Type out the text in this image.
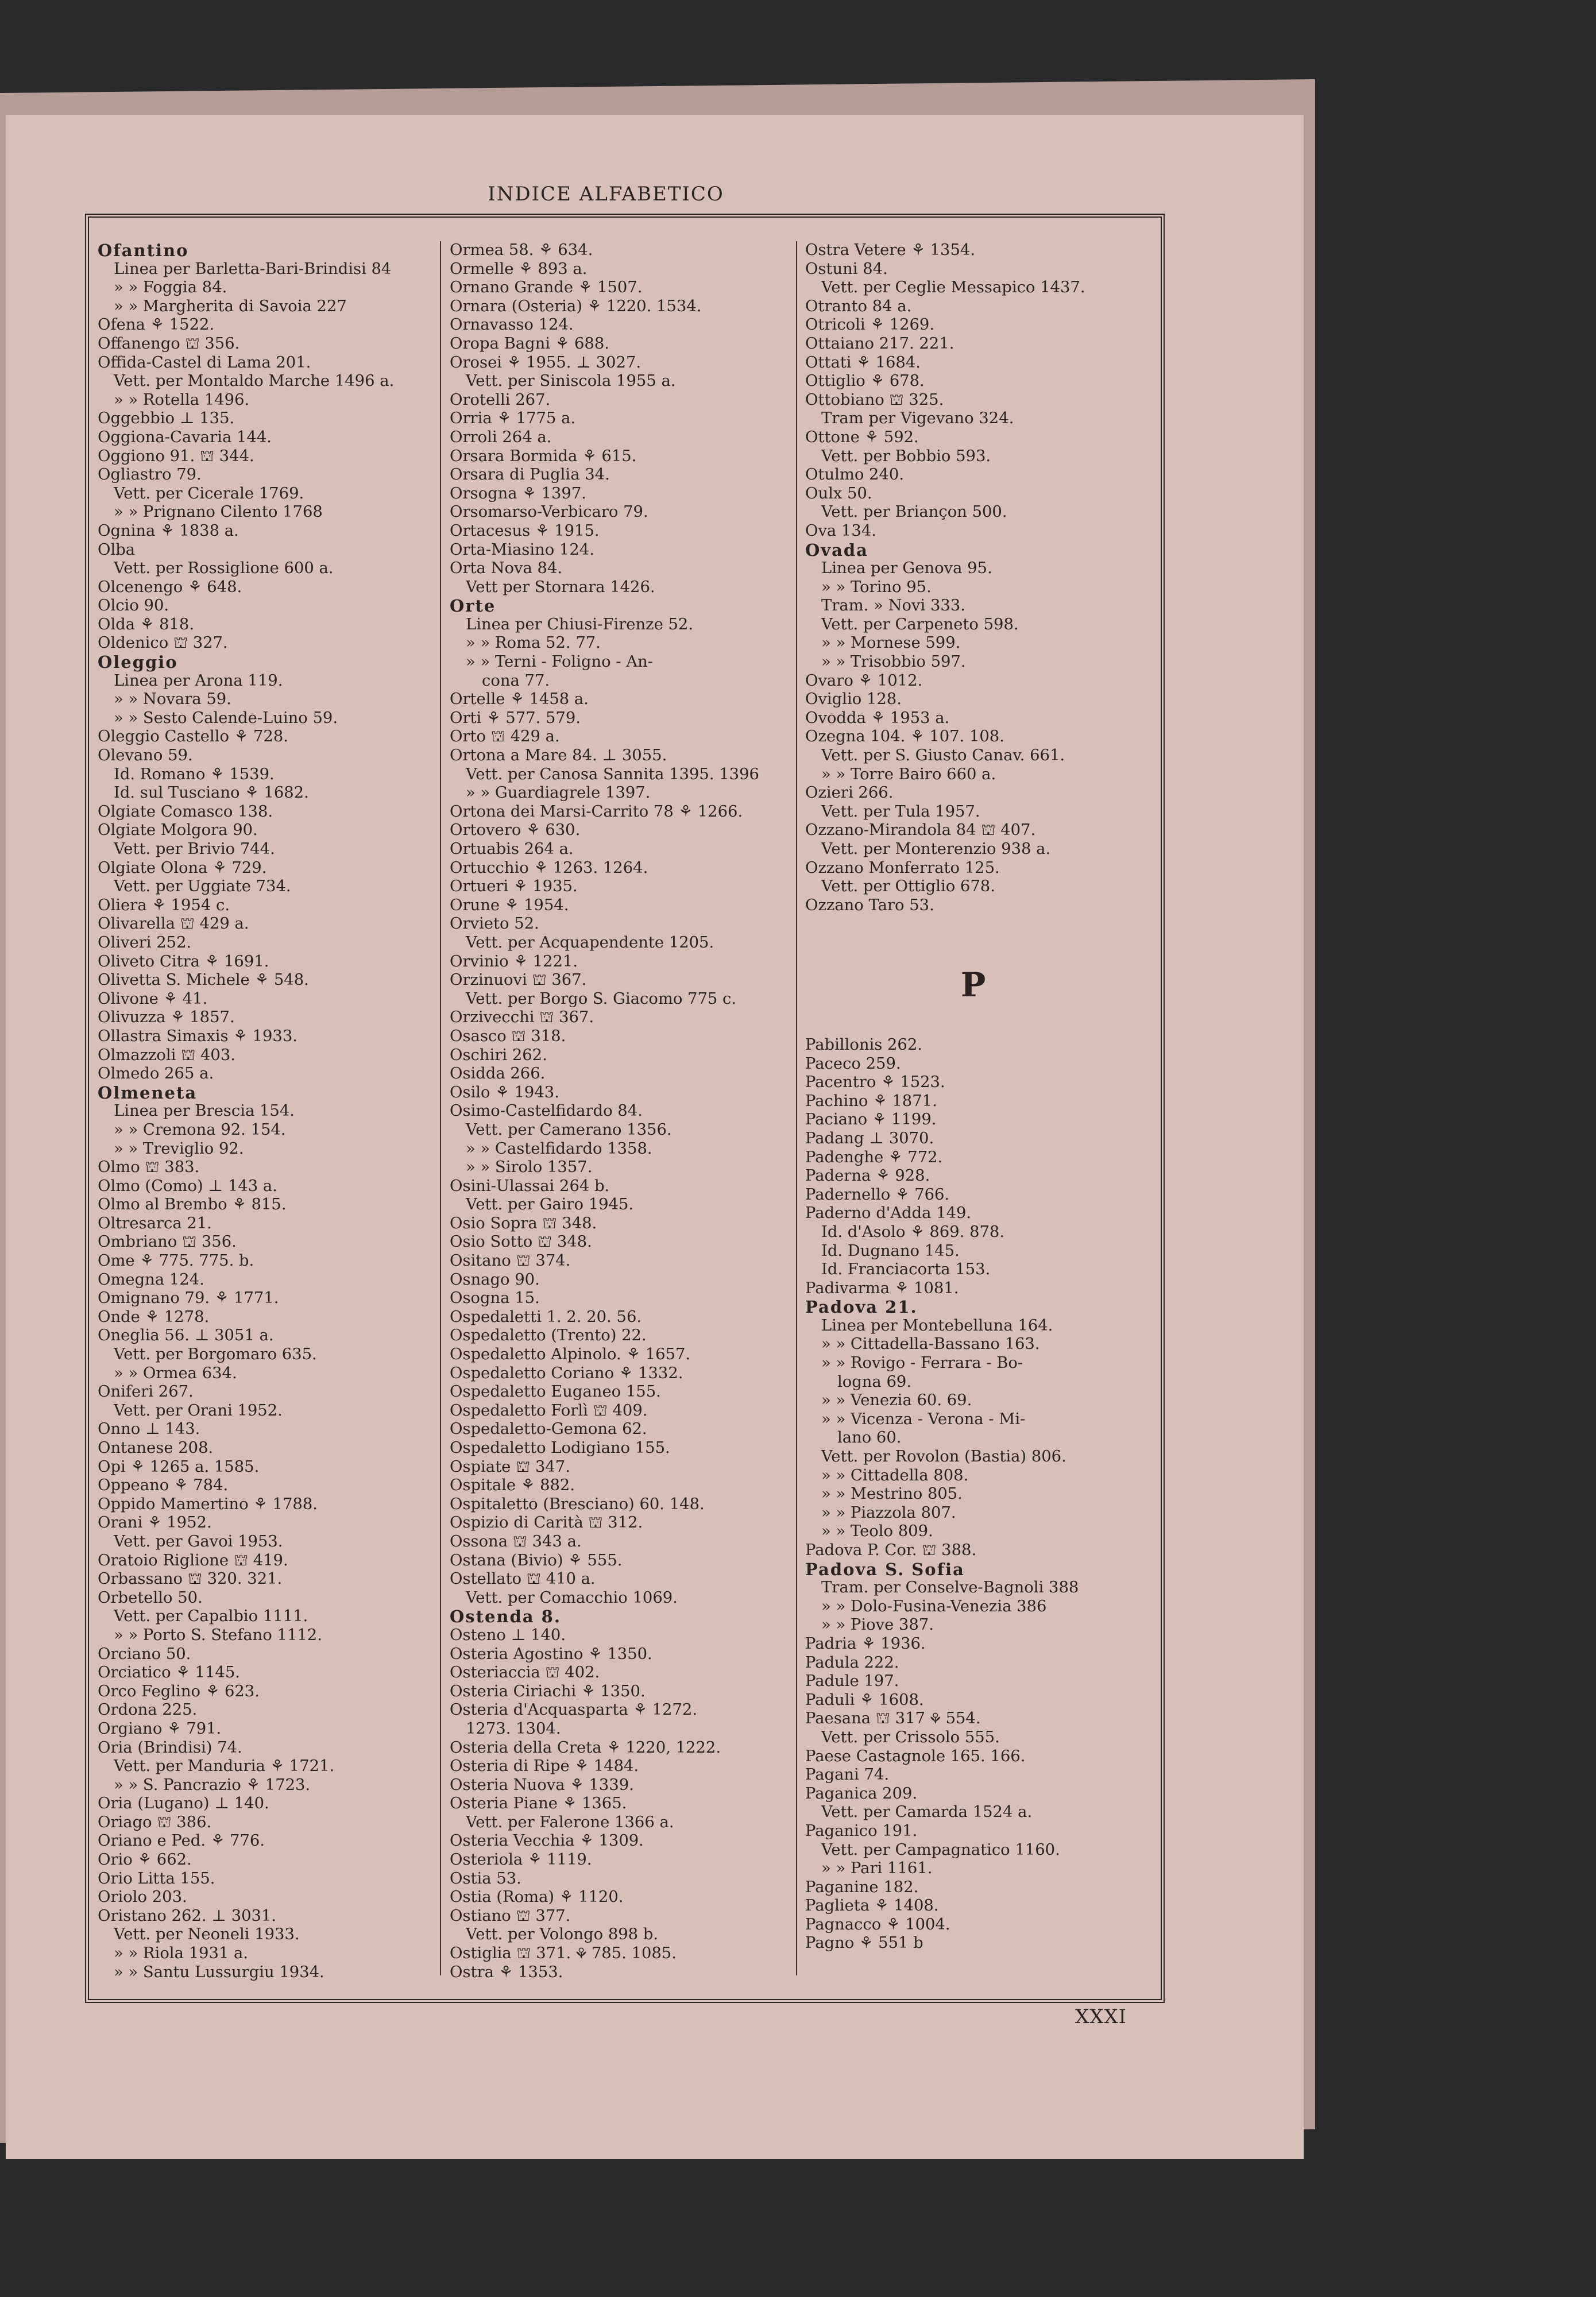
INDICE ALFABETICO
Ofantino
Linea per Barletta-Bari-Brindisi 84
» » Foggia 84.
» » Margherita di Savoia 227
Ofena ⚘ 1522.
Offanengo ⛫ 356.
Offida-Castel di Lama 201.
Vett. per Montaldo Marche 1496 a.
» » Rotella 1496.
Oggebbio ⊥ 135.
Oggiona-Cavaria 144.
Oggiono 91. ⛫ 344.
Ogliastro 79.
Vett. per Cicerale 1769.
» » Prignano Cilento 1768
Ognina ⚘ 1838 a.
Olba
Vett. per Rossiglione 600 a.
Olcenengo ⚘ 648.
Olcio 90.
Olda ⚘ 818.
Oldenico ⛫ 327.
Oleggio
Linea per Arona 119.
» » Novara 59.
» » Sesto Calende-Luino 59.
Oleggio Castello ⚘ 728.
Olevano 59.
Id. Romano ⚘ 1539.
Id. sul Tusciano ⚘ 1682.
Olgiate Comasco 138.
Olgiate Molgora 90.
Vett. per Brivio 744.
Olgiate Olona ⚘ 729.
Vett. per Uggiate 734.
Oliera ⚘ 1954 c.
Olivarella ⛫ 429 a.
Oliveri 252.
Oliveto Citra ⚘ 1691.
Olivetta S. Michele ⚘ 548.
Olivone ⚘ 41.
Olivuzza ⚘ 1857.
Ollastra Simaxis ⚘ 1933.
Olmazzoli ⛫ 403.
Olmedo 265 a.
Olmeneta
Linea per Brescia 154.
» » Cremona 92. 154.
» » Treviglio 92.
Olmo ⛫ 383.
Olmo (Como) ⊥ 143 a.
Olmo al Brembo ⚘ 815.
Oltresarca 21.
Ombriano ⛫ 356.
Ome ⚘ 775. 775. b.
Omegna 124.
Omignano 79. ⚘ 1771.
Onde ⚘ 1278.
Oneglia 56. ⊥ 3051 a.
Vett. per Borgomaro 635.
» » Ormea 634.
Oniferi 267.
Vett. per Orani 1952.
Onno ⊥ 143.
Ontanese 208.
Opi ⚘ 1265 a. 1585.
Oppeano ⚘ 784.
Oppido Mamertino ⚘ 1788.
Orani ⚘ 1952.
Vett. per Gavoi 1953.
Oratoio Riglione ⛫ 419.
Orbassano ⛫ 320. 321.
Orbetello 50.
Vett. per Capalbio 1111.
» » Porto S. Stefano 1112.
Orciano 50.
Orciatico ⚘ 1145.
Orco Feglino ⚘ 623.
Ordona 225.
Orgiano ⚘ 791.
Oria (Brindisi) 74.
Vett. per Manduria ⚘ 1721.
» » S. Pancrazio ⚘ 1723.
Oria (Lugano) ⊥ 140.
Oriago ⛫ 386.
Oriano e Ped. ⚘ 776.
Orio ⚘ 662.
Orio Litta 155.
Oriolo 203.
Oristano 262. ⊥ 3031.
Vett. per Neoneli 1933.
» » Riola 1931 a.
» » Santu Lussurgiu 1934.
Ormea 58. ⚘ 634.
Ormelle ⚘ 893 a.
Ornano Grande ⚘ 1507.
Ornara (Osteria) ⚘ 1220. 1534.
Ornavasso 124.
Oropa Bagni ⚘ 688.
Orosei ⚘ 1955. ⊥ 3027.
Vett. per Siniscola 1955 a.
Orotelli 267.
Orria ⚘ 1775 a.
Orroli 264 a.
Orsara Bormida ⚘ 615.
Orsara di Puglia 34.
Orsogna ⚘ 1397.
Orsomarso-Verbicaro 79.
Ortacesus ⚘ 1915.
Orta-Miasino 124.
Orta Nova 84.
Vett per Stornara 1426.
Orte
Linea per Chiusi-Firenze 52.
» » Roma 52. 77.
» » Terni - Foligno - An-
cona 77.
Ortelle ⚘ 1458 a.
Orti ⚘ 577. 579.
Orto ⛫ 429 a.
Ortona a Mare 84. ⊥ 3055.
Vett. per Canosa Sannita 1395. 1396
» » Guardiagrele 1397.
Ortona dei Marsi-Carrito 78 ⚘ 1266.
Ortovero ⚘ 630.
Ortuabis 264 a.
Ortucchio ⚘ 1263. 1264.
Ortueri ⚘ 1935.
Orune ⚘ 1954.
Orvieto 52.
Vett. per Acquapendente 1205.
Orvinio ⚘ 1221.
Orzinuovi ⛫ 367.
Vett. per Borgo S. Giacomo 775 c.
Orzivecchi ⛫ 367.
Osasco ⛫ 318.
Oschiri 262.
Osidda 266.
Osilo ⚘ 1943.
Osimo-Castelfidardo 84.
Vett. per Camerano 1356.
» » Castelfidardo 1358.
» » Sirolo 1357.
Osini-Ulassai 264 b.
Vett. per Gairo 1945.
Osio Sopra ⛫ 348.
Osio Sotto ⛫ 348.
Ositano ⛫ 374.
Osnago 90.
Osogna 15.
Ospedaletti 1. 2. 20. 56.
Ospedaletto (Trento) 22.
Ospedaletto Alpinolo. ⚘ 1657.
Ospedaletto Coriano ⚘ 1332.
Ospedaletto Euganeo 155.
Ospedaletto Forlì ⛫ 409.
Ospedaletto-Gemona 62.
Ospedaletto Lodigiano 155.
Ospiate ⛫ 347.
Ospitale ⚘ 882.
Ospitaletto (Bresciano) 60. 148.
Ospizio di Carità ⛫ 312.
Ossona ⛫ 343 a.
Ostana (Bivio) ⚘ 555.
Ostellato ⛫ 410 a.
Vett. per Comacchio 1069.
Ostenda 8.
Osteno ⊥ 140.
Osteria Agostino ⚘ 1350.
Osteriaccia ⛫ 402.
Osteria Ciriachi ⚘ 1350.
Osteria d'Acquasparta ⚘ 1272.
1273. 1304.
Osteria della Creta ⚘ 1220, 1222.
Osteria di Ripe ⚘ 1484.
Osteria Nuova ⚘ 1339.
Osteria Piane ⚘ 1365.
Vett. per Falerone 1366 a.
Osteria Vecchia ⚘ 1309.
Osteriola ⚘ 1119.
Ostia 53.
Ostia (Roma) ⚘ 1120.
Ostiano ⛫ 377.
Vett. per Volongo 898 b.
Ostiglia ⛫ 371. ⚘ 785. 1085.
Ostra ⚘ 1353.
Ostra Vetere ⚘ 1354.
Ostuni 84.
Vett. per Ceglie Messapico 1437.
Otranto 84 a.
Otricoli ⚘ 1269.
Ottaiano 217. 221.
Ottati ⚘ 1684.
Ottiglio ⚘ 678.
Ottobiano ⛫ 325.
Tram per Vigevano 324.
Ottone ⚘ 592.
Vett. per Bobbio 593.
Otulmo 240.
Oulx 50.
Vett. per Briançon 500.
Ova 134.
Ovada
Linea per Genova 95.
» » Torino 95.
Tram. » Novi 333.
Vett. per Carpeneto 598.
» » Mornese 599.
» » Trisobbio 597.
Ovaro ⚘ 1012.
Oviglio 128.
Ovodda ⚘ 1953 a.
Ozegna 104. ⚘ 107. 108.
Vett. per S. Giusto Canav. 661.
» » Torre Bairo 660 a.
Ozieri 266.
Vett. per Tula 1957.
Ozzano-Mirandola 84 ⛫ 407.
Vett. per Monterenzio 938 a.
Ozzano Monferrato 125.
Vett. per Ottiglio 678.
Ozzano Taro 53.
P
Pabillonis 262.
Paceco 259.
Pacentro ⚘ 1523.
Pachino ⚘ 1871.
Paciano ⚘ 1199.
Padang ⊥ 3070.
Padenghe ⚘ 772.
Paderna ⚘ 928.
Padernello ⚘ 766.
Paderno d'Adda 149.
Id. d'Asolo ⚘ 869. 878.
Id. Dugnano 145.
Id. Franciacorta 153.
Padivarma ⚘ 1081.
Padova 21.
Linea per Montebelluna 164.
» » Cittadella-Bassano 163.
» » Rovigo - Ferrara - Bo-
logna 69.
» » Venezia 60. 69.
» » Vicenza - Verona - Mi-
lano 60.
Vett. per Rovolon (Bastia) 806.
» » Cittadella 808.
» » Mestrino 805.
» » Piazzola 807.
» » Teolo 809.
Padova P. Cor. ⛫ 388.
Padova S. Sofia
Tram. per Conselve-Bagnoli 388
» » Dolo-Fusina-Venezia 386
» » Piove 387.
Padria ⚘ 1936.
Padula 222.
Padule 197.
Paduli ⚘ 1608.
Paesana ⛫ 317 ⚘ 554.
Vett. per Crissolo 555.
Paese Castagnole 165. 166.
Pagani 74.
Paganica 209.
Vett. per Camarda 1524 a.
Paganico 191.
Vett. per Campagnatico 1160.
» » Pari 1161.
Paganine 182.
Paglieta ⚘ 1408.
Pagnacco ⚘ 1004.
Pagno ⚘ 551 b
XXXI
